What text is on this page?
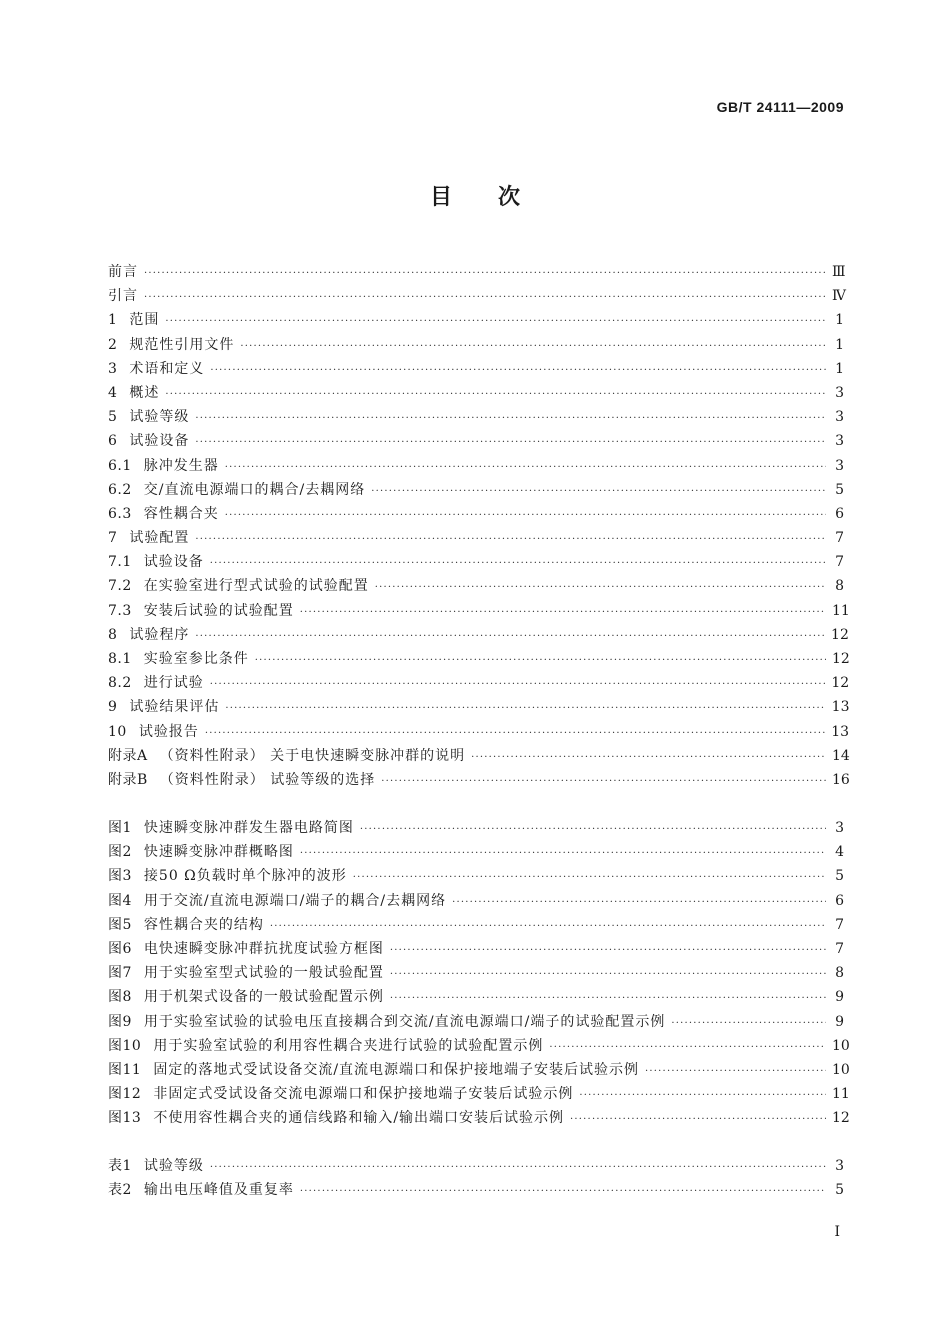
GB/T 24111—2009
目次
前言 ·····	Ⅲ
引言 ·····	Ⅳ
1 范围 ·····	1
2 规范性引用文件 ·····	1
3 术语和定义 ·····	1
4 概述 ·····	3
5 试验等级 ·····	3
6 试验设备 ·····	3
6.1 脉冲发生器 ·····	3
6.2 交/直流电源端口的耦合/去耦网络 ·····	5
6.3 容性耦合夹 ·····	6
7 试验配置 ·····	7
7.1 试验设备 ·····	7
7.2 在实验室进行型式试验的试验配置 ·····	8
7.3 安装后试验的试验配置 ·····	11
8 试验程序 ·····	12
8.1 实验室参比条件 ·····	12
8.2 进行试验 ·····	12
9 试验结果评估 ·····	13
10 试验报告 ·····	13
附录A （资料性附录） 关于电快速瞬变脉冲群的说明 ·····	14
附录B （资料性附录） 试验等级的选择 ·····	16
图1 快速瞬变脉冲群发生器电路简图 ·····	3
图2 快速瞬变脉冲群概略图 ·····	4
图3 接50 Ω负载时单个脉冲的波形 ·····	5
图4 用于交流/直流电源端口/端子的耦合/去耦网络 ·····	6
图5 容性耦合夹的结构 ·····	7
图6 电快速瞬变脉冲群抗扰度试验方框图 ·····	7
图7 用于实验室型式试验的一般试验配置 ·····	8
图8 用于机架式设备的一般试验配置示例 ·····	9
图9 用于实验室试验的试验电压直接耦合到交流/直流电源端口/端子的试验配置示例 ·····	9
图10 用于实验室试验的利用容性耦合夹进行试验的试验配置示例 ·····	10
图11 固定的落地式受试设备交流/直流电源端口和保护接地端子安装后试验示例 ·····	10
图12 非固定式受试设备交流电源端口和保护接地端子安装后试验示例 ·····	11
图13 不使用容性耦合夹的通信线路和输入/输出端口安装后试验示例 ·····	12
表1 试验等级 ·····	3
表2 输出电压峰值及重复率 ·····	5
Ⅰ
